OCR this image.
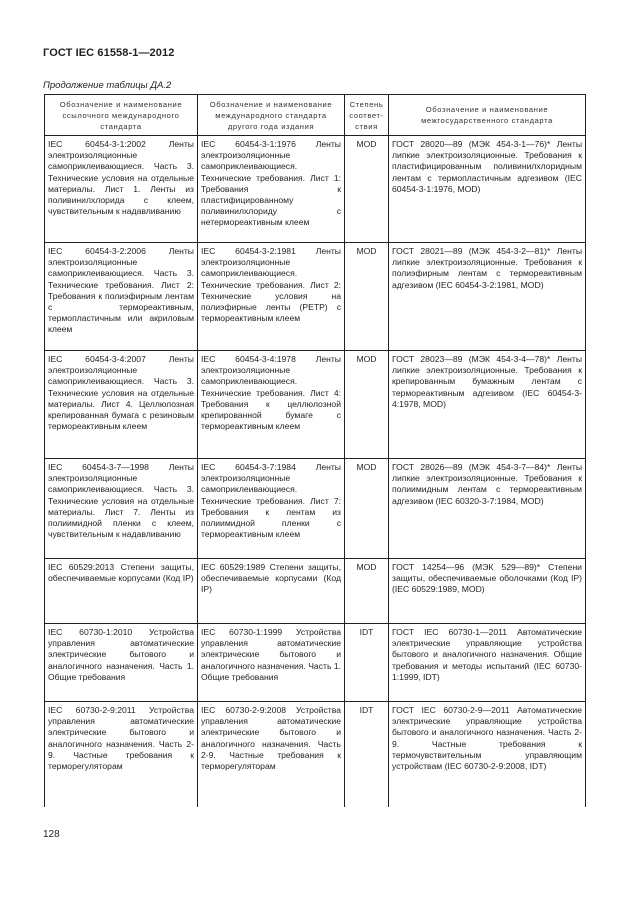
ГОСТ IEC 61558-1—2012
Продолжение таблицы ДА.2
Обозначение и наименование ссылочного международного стандарта	Обозначение и наименование международного стандарта другого года издания	Степень соответ-ствия	Обозначение и наименование межгосударственного стандарта
IEC 60454-3-1:2002 Ленты электроизоляционные самоприклеивающиеся. Часть 3. Технические условия на отдельные материалы. Лист 1. Ленты из поливинилхлорида с клеем, чувствительным к надавливанию	IEC 60454-3-1:1976 Ленты электроизоляционные самоприклеивающиеся. Технические требования. Лист 1: Требования к пластифицированному поливинилхлориду с нетермореактивным клеем	MOD	ГОСТ 28020—89 (МЭК 454-3-1—76)* Ленты липкие электроизоляционные. Требования к пластифицированным поливинилхлоридным лентам с термопластичным адгезивом (IEC 60454-3-1:1976, MOD)
IEC 60454-3-2:2006 Ленты электроизоляционные самоприклеивающиеся. Часть 3. Технические требования. Лист 2: Требования к полиэфирным лентам с термореактивным, термопластичным или акриловым клеем	IEC 60454-3-2:1981 Ленты электроизоляционные самоприклеивающиеся. Технические требования. Лист 2: Технические условия на полиэфирные ленты (PETP) с термореактивным клеем	MOD	ГОСТ 28021—89 (МЭК 454-3-2—81)* Ленты липкие электроизоляционные. Требования к полиэфирным лентам с термореактивным адгезивом (IEC 60454-3-2:1981, MOD)
IEC 60454-3-4:2007 Ленты электроизоляционные самоприклеивающиеся. Часть 3. Технические условия на отдельные материалы. Лист 4. Целлюлозная крепированная бумага с резиновым термореактивным клеем	IEC 60454-3-4:1978 Ленты электроизоляционные самоприклеивающиеся. Технические требования. Лист 4: Требования к целлюлозной крепированной бумаге с термореактивным клеем	MOD	ГОСТ 28023—89 (МЭК 454-3-4—78)* Ленты липкие электроизоляционные. Требования к крепированным бумажным лентам с термореактивным адгезивом (IEC 60454-3-4:1978, MOD)
IEC 60454-3-7—1998 Ленты электроизоляционные самоприклеивающиеся. Часть 3. Технические условия на отдельные материалы. Лист 7. Ленты из полиимидной пленки с клеем, чувствительным к надавливанию	IEC 60454-3-7:1984 Ленты электроизоляционные самоприклеивающиеся. Технические требования. Лист 7: Требования к лентам из полиимидной пленки с термореактивным клеем	MOD	ГОСТ 28026—89 (МЭК 454-3-7—84)* Ленты липкие электроизоляционные. Требования к полиимидным лентам с термореактивным адгезивом (IEC 60320-3-7:1984, MOD)
IEC 60529:2013 Степени защиты, обеспечиваемые корпусами (Код IP)	IEC 60529:1989 Степени защиты, обеспечиваемые корпусами (Код IP)	MOD	ГОСТ 14254—96 (МЭК 529—89)* Степени защиты, обеспечиваемые оболочками (Код IP) (IEC 60529:1989, MOD)
IEC 60730-1:2010 Устройства управления автоматические электрические бытового и аналогичного назначения. Часть 1. Общие требования	IEC 60730-1:1999 Устройства управления автоматические электрические бытового и аналогичного назначения. Часть 1. Общие требования	IDT	ГОСТ IEC 60730-1—2011 Автоматические электрические управляющие устройства бытового и аналогичного назначения. Общие требования и методы испытаний (IEC 60730-1:1999, IDT)
IEC 60730-2-9:2011 Устройства управления автоматические электрические бытового и аналогичного назначения. Часть 2-9. Частные требования к терморегуляторам	IEC 60730-2-9:2008 Устройства управления автоматические электрические бытового и аналогичного назначения. Часть 2-9. Частные требования к терморегуляторам	IDT	ГОСТ IEC 60730-2-9—2011 Автоматические электрические управляющие устройства бытового и аналогичного назначения. Часть 2-9. Частные требования к термочувствительным управляющим устройствам (IEC 60730-2-9:2008, IDT)
128
